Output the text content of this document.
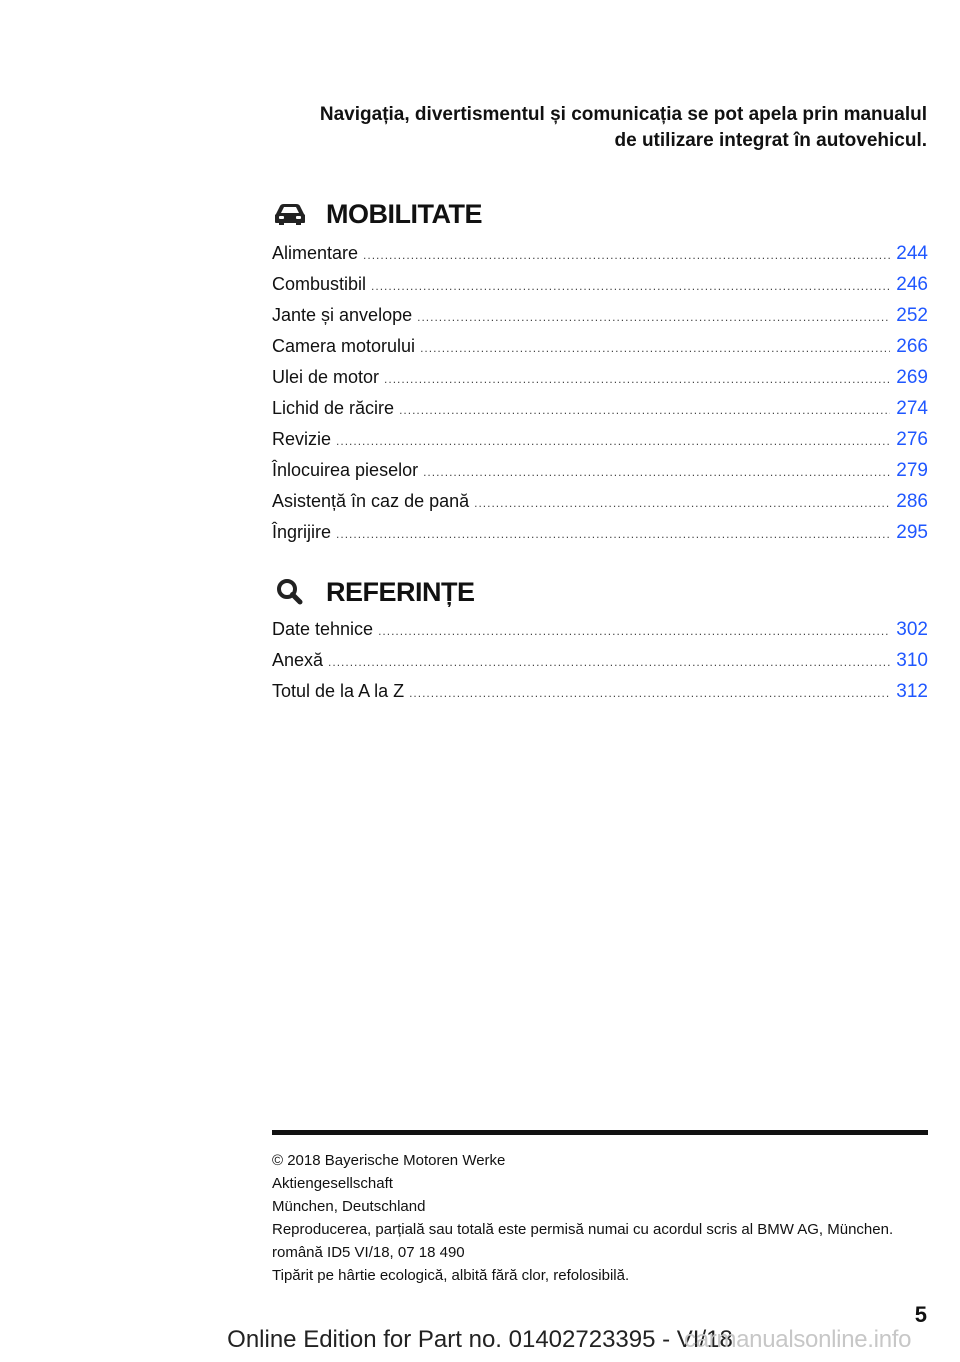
Navigația, divertismentul și comunicația se pot apela prin manualul
de utilizare integrat în autovehicul.
MOBILITATE
Alimentare .....	244
Combustibil .....	246
Jante și anvelope .....	252
Camera motorului .....	266
Ulei de motor .....	269
Lichid de răcire .....	274
Revizie .....	276
Înlocuirea pieselor .....	279
Asistență în caz de pană .....	286
Îngrijire .....	295
REFERINȚE
Date tehnice .....	302
Anexă .....	310
Totul de la A la Z .....	312
© 2018 Bayerische Motoren Werke
Aktiengesellschaft
München, Deutschland
Reproducerea, parțială sau totală este permisă numai cu acordul scris al BMW AG, München.
română ID5 VI/18, 07 18 490
Tipărit pe hârtie ecologică, albită fără clor, refolosibilă.
5
Online Edition for Part no. 01402723395 - VI/18
carmanualsonline.info
